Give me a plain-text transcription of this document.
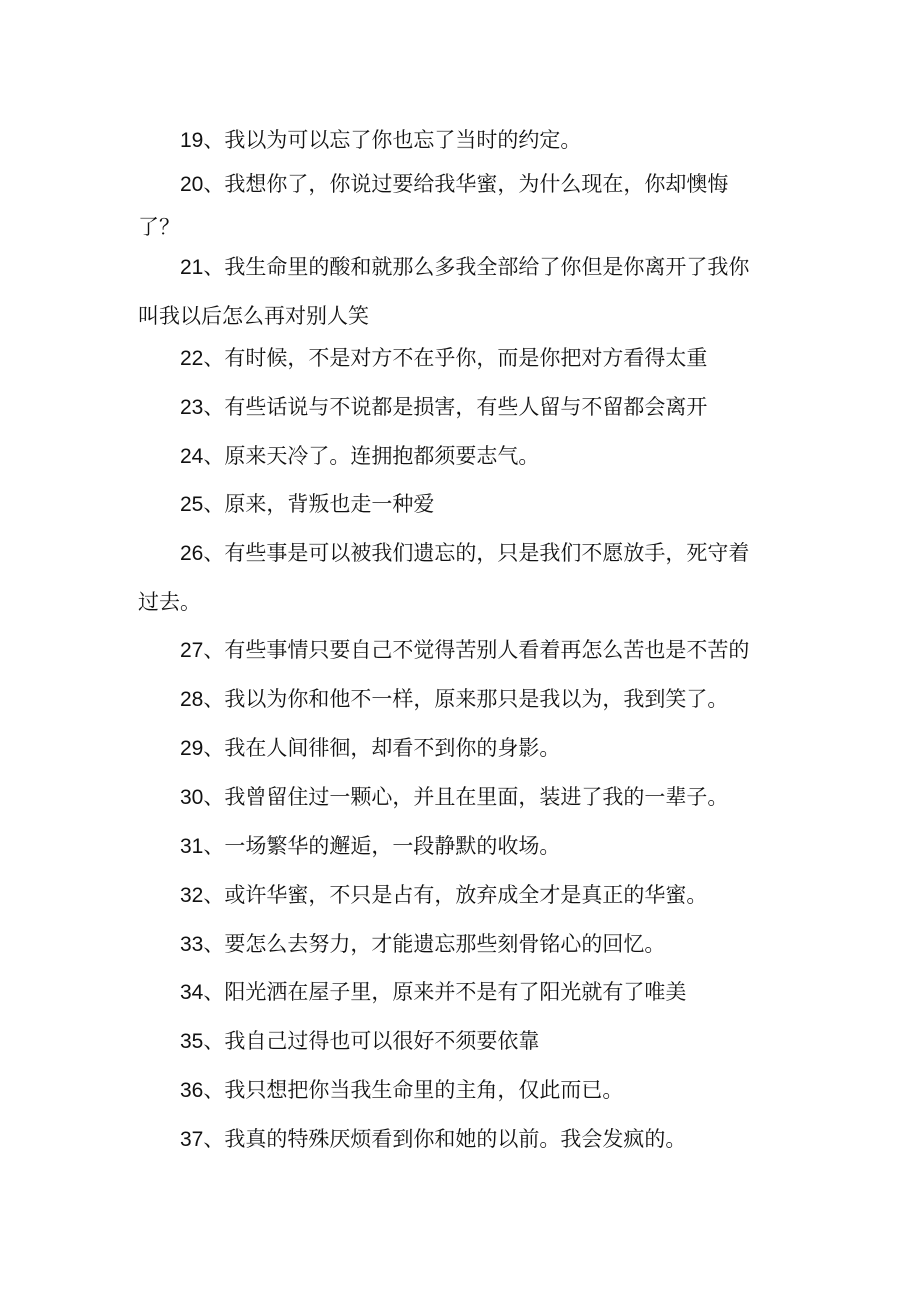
19、我以为可以忘了你也忘了当时的约定。

20、我想你了，你说过要给我华蜜，为什么现在，你却懊悔了？

21、我生命里的酸和就那么多我全部给了你但是你离开了我你叫我以后怎么再对别人笑

22、有时候，不是对方不在乎你，而是你把对方看得太重

23、有些话说与不说都是损害，有些人留与不留都会离开

24、原来天冷了。连拥抱都须要志气。

25、原来，背叛也走一种爱

26、有些事是可以被我们遗忘的，只是我们不愿放手，死守着过去。

27、有些事情只要自己不觉得苦别人看着再怎么苦也是不苦的

28、我以为你和他不一样，原来那只是我以为，我到笑了。

29、我在人间徘徊，却看不到你的身影。

30、我曾留住过一颗心，并且在里面，装进了我的一辈子。

31、一场繁华的邂逅，一段静默的收场。

32、或许华蜜，不只是占有，放弃成全才是真正的华蜜。

33、要怎么去努力，才能遗忘那些刻骨铭心的回忆。

34、阳光洒在屋子里，原来并不是有了阳光就有了唯美

35、我自己过得也可以很好不须要依靠

36、我只想把你当我生命里的主角，仅此而已。

37、我真的特殊厌烦看到你和她的以前。我会发疯的。
